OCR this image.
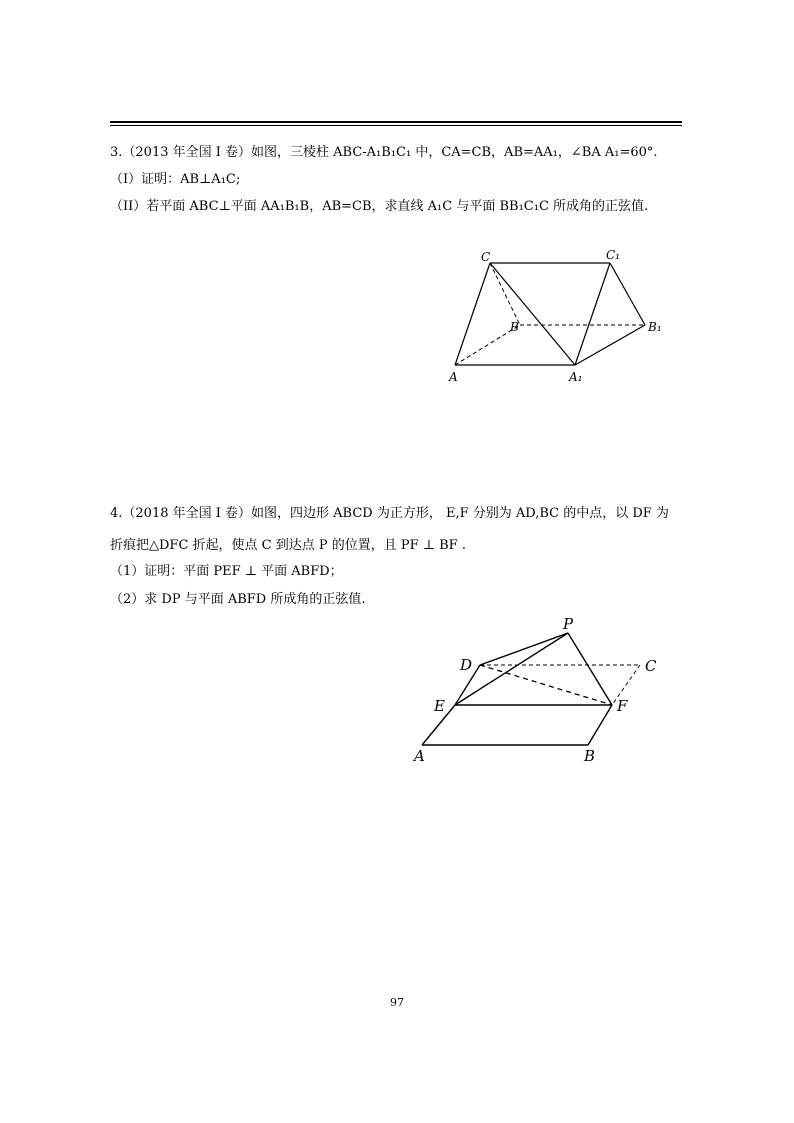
3.（2013 年全国 I 卷）如图，三棱柱 ABC-A₁B₁C₁ 中，CA=CB，AB=AA₁，∠BA A₁=60°.
（I）证明：AB⊥A₁C;
（II）若平面 ABC⊥平面 AA₁B₁B，AB=CB，求直线 A₁C 与平面 BB₁C₁C 所成角的正弦值.
C	C₁
B	B₁
A	A₁
4.（2018 年全国 I 卷）如图，四边形 ABCD 为正方形， E,F 分别为 AD,BC 的中点，以 DF 为
折痕把△DFC 折起，使点 C 到达点 P 的位置，且 PF ⊥ BF .
（1）证明：平面 PEF ⊥ 平面 ABFD；
（2）求 DP 与平面 ABFD 所成角的正弦值.
P
D	C
E	F
A	B
97
